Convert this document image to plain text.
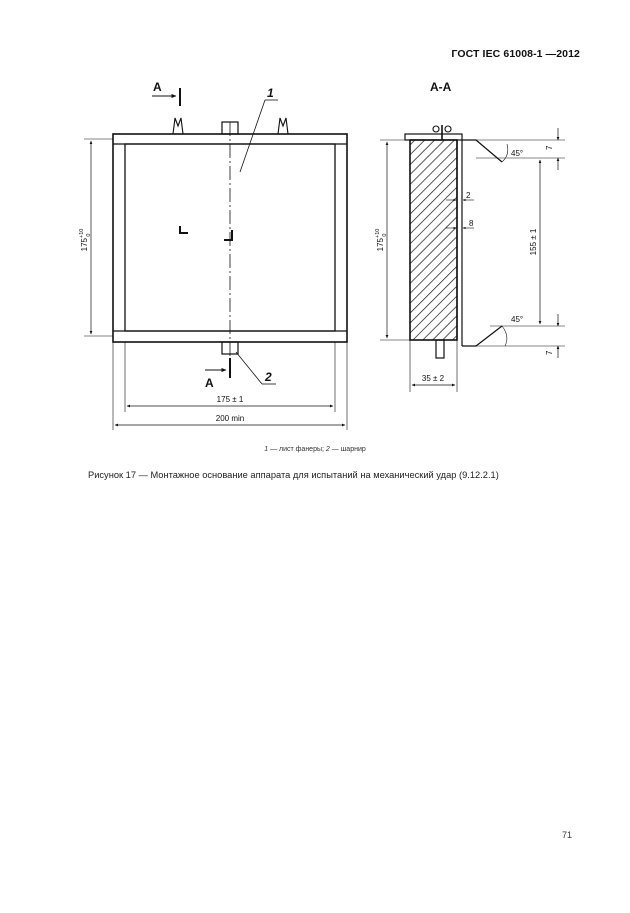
ГОСТ IEC 61008-1 —2012
A
A
1
2
$175^{+10}0$
175 ± 1
200 min
A-A
$175^{+10}0$
7
7
155 ± 1
45°
45°
2
8
35 ± 2
1 — лист фанеры; 2 — шарнир
Рисунок 17 — Монтажное основание аппарата для испытаний на механический удар (9.12.2.1)
71
